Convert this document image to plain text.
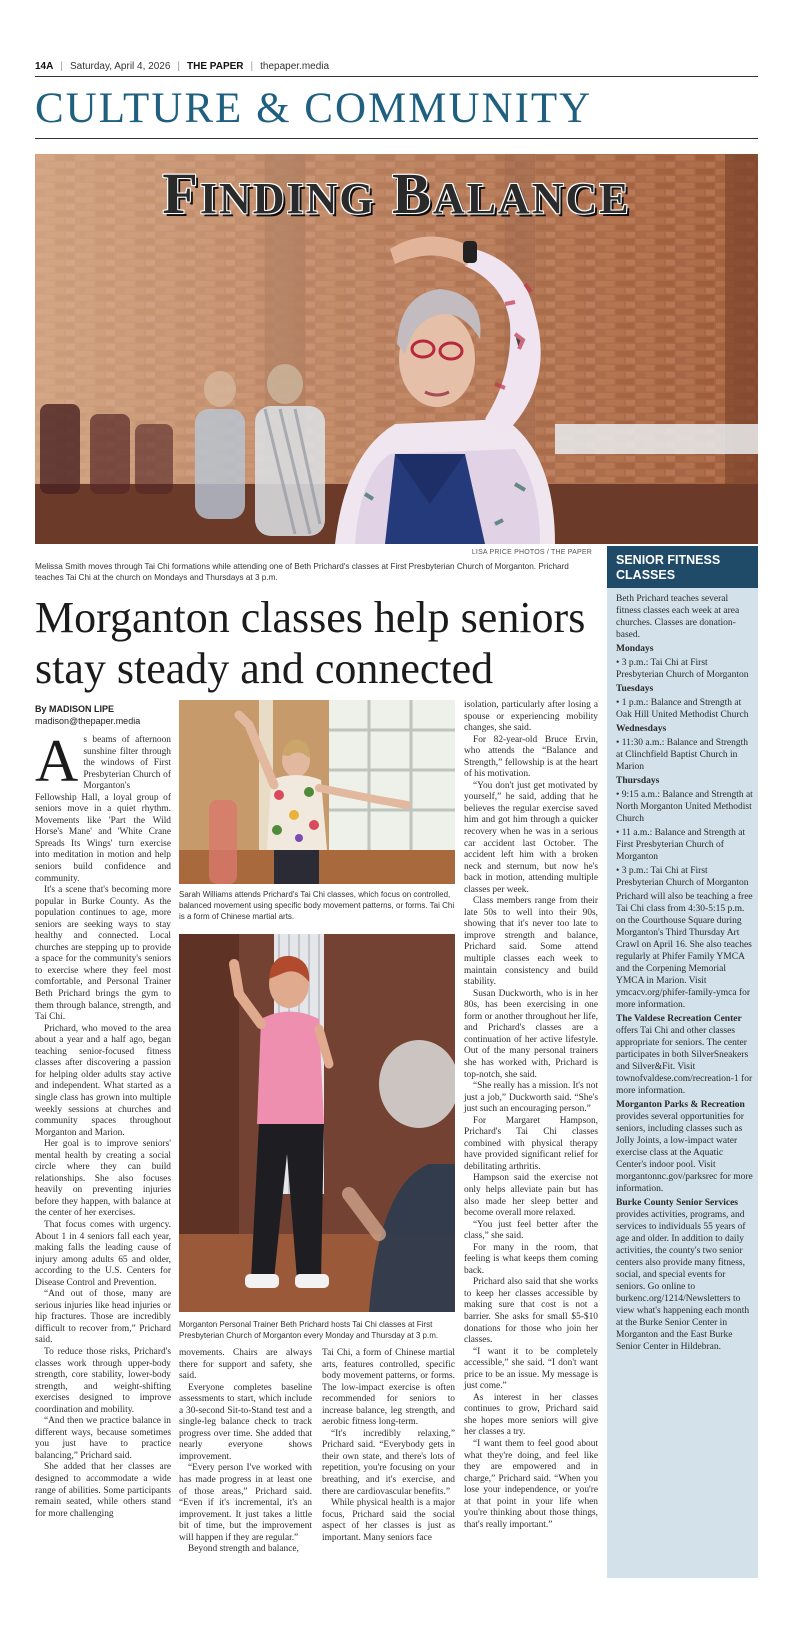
14A | Saturday, April 4, 2026 | THE PAPER | thepaper.media
CULTURE & COMMUNITY
FINDING BALANCE
LISA PRICE PHOTOS / THE PAPER
Melissa Smith moves through Tai Chi formations while attending one of Beth Prichard's classes at First Presbyterian Church of Morganton. Prichard teaches Tai Chi at the church on Mondays and Thursdays at 3 p.m.
SENIOR FITNESS CLASSES

Beth Prichard teaches several fitness classes each week at area churches. Classes are donation-based.

Mondays

• 3 p.m.: Tai Chi at First Presbyterian Church of Morganton

Tuesdays

• 1 p.m.: Balance and Strength at Oak Hill United Methodist Church

Wednesdays

• 11:30 a.m.: Balance and Strength at Clinchfield Baptist Church in Marion

Thursdays

• 9:15 a.m.: Balance and Strength at North Morganton United Methodist Church

• 11 a.m.: Balance and Strength at First Presbyterian Church of Morganton

• 3 p.m.: Tai Chi at First Presbyterian Church of Morganton

Prichard will also be teaching a free Tai Chi class from 4:30-5:15 p.m. on the Courthouse Square during Morganton's Third Thursday Art Crawl on April 16. She also teaches regularly at Phifer Family YMCA and the Corpening Memorial YMCA in Marion. Visit ymcacv.org/phifer-family-ymca for more information.

The Valdese Recreation Center offers Tai Chi and other classes appropriate for seniors. The center participates in both SilverSneakers and Silver&Fit. Visit townofvaldese.com/recreation-1 for more information.

Morganton Parks & Recreation provides several opportunities for seniors, including classes such as Jolly Joints, a low-impact water exercise class at the Aquatic Center's indoor pool. Visit morgantonnc.gov/parksrec for more information.

Burke County Senior Services provides activities, programs, and services to individuals 55 years of age and older. In addition to daily activities, the county's two senior centers also provide many fitness, social, and special events for seniors. Go online to burkenc.org/1214/Newsletters to view what's happening each month at the Burke Senior Center in Morganton and the East Burke Senior Center in Hildebran.

Morganton classes help seniors stay steady and connected
By MADISON LIPE
madison@thepaper.media
A s beams of afternoon sunshine filter through the windows of First Presbyterian Church of Morganton's Fellowship Hall, a loyal group of seniors move in a quiet rhythm. Movements like 'Part the Wild Horse's Mane' and 'White Crane Spreads Its Wings' turn exercise into meditation in motion and help seniors build confidence and community.

It's a scene that's becoming more popular in Burke County. As the population continues to age, more seniors are seeking ways to stay healthy and connected. Local churches are stepping up to provide a space for the community's seniors to exercise where they feel most comfortable, and Personal Trainer Beth Prichard brings the gym to them through balance, strength, and Tai Chi.

Prichard, who moved to the area about a year and a half ago, began teaching senior-focused fitness classes after discovering a passion for helping older adults stay active and independent. What started as a single class has grown into multiple weekly sessions at churches and community spaces throughout Morganton and Marion.

Her goal is to improve seniors' mental health by creating a social circle where they can build relationships. She also focuses heavily on preventing injuries before they happen, with balance at the center of her exercises.

That focus comes with urgency. About 1 in 4 seniors fall each year, making falls the leading cause of injury among adults 65 and older, according to the U.S. Centers for Disease Control and Prevention.

“And out of those, many are serious injuries like head injuries or hip fractures. Those are incredibly difficult to recover from,” Prichard said.

To reduce those risks, Prichard's classes work through upper-body strength, core stability, lower-body strength, and weight-shifting exercises designed to improve coordination and mobility.

“And then we practice balance in different ways, because sometimes you just have to practice balancing,” Prichard said.

She added that her classes are designed to accommodate a wide range of abilities. Some participants remain seated, while others stand for more challenging

Sarah Williams attends Prichard's Tai Chi classes, which focus on controlled, balanced movement using specific body movement patterns, or forms. Tai Chi is a form of Chinese martial arts.
Morganton Personal Trainer Beth Prichard hosts Tai Chi classes at First Presbyterian Church of Morganton every Monday and Thursday at 3 p.m.

movements. Chairs are always there for support and safety, she said.

Everyone completes baseline assessments to start, which include a 30-second Sit-to-Stand test and a single-leg balance check to track progress over time. She added that nearly everyone shows improvement.

“Every person I've worked with has made progress in at least one of those areas,” Prichard said. “Even if it's incremental, it's an improvement. It just takes a little bit of time, but the improvement will happen if they are regular.”

Beyond strength and balance,

Tai Chi, a form of Chinese martial arts, features controlled, specific body movement patterns, or forms. The low-impact exercise is often recommended for seniors to increase balance, leg strength, and aerobic fitness long-term.

“It's incredibly relaxing,” Prichard said. “Everybody gets in their own state, and there's lots of repetition, you're focusing on your breathing, and it's exercise, and there are cardiovascular benefits.”

While physical health is a major focus, Prichard said the social aspect of her classes is just as important. Many seniors face

isolation, particularly after losing a spouse or experiencing mobility changes, she said.

For 82-year-old Bruce Ervin, who attends the “Balance and Strength,” fellowship is at the heart of his motivation.

“You don't just get motivated by yourself,” he said, adding that he believes the regular exercise saved him and got him through a quicker recovery when he was in a serious car accident last October. The accident left him with a broken neck and sternum, but now he's back in motion, attending multiple classes per week.

Class members range from their late 50s to well into their 90s, showing that it's never too late to improve strength and balance, Prichard said. Some attend multiple classes each week to maintain consistency and build stability.

Susan Duckworth, who is in her 80s, has been exercising in one form or another throughout her life, and Prichard's classes are a continuation of her active lifestyle. Out of the many personal trainers she has worked with, Prichard is top-notch, she said.

“She really has a mission. It's not just a job,” Duckworth said. “She's just such an encouraging person.”

For Margaret Hampson, Prichard's Tai Chi classes combined with physical therapy have provided significant relief for debilitating arthritis.

Hampson said the exercise not only helps alleviate pain but has also made her sleep better and become overall more relaxed.

“You just feel better after the class,” she said.

For many in the room, that feeling is what keeps them coming back.

Prichard also said that she works to keep her classes accessible by making sure that cost is not a barrier. She asks for small $5-$10 donations for those who join her classes.

“I want it to be completely accessible,” she said. “I don't want price to be an issue. My message is just come.”

As interest in her classes continues to grow, Prichard said she hopes more seniors will give her classes a try.

“I want them to feel good about what they're doing, and feel like they are empowered and in charge,” Prichard said. “When you lose your independence, or you're at that point in your life when you're thinking about those things, that's really important.”
